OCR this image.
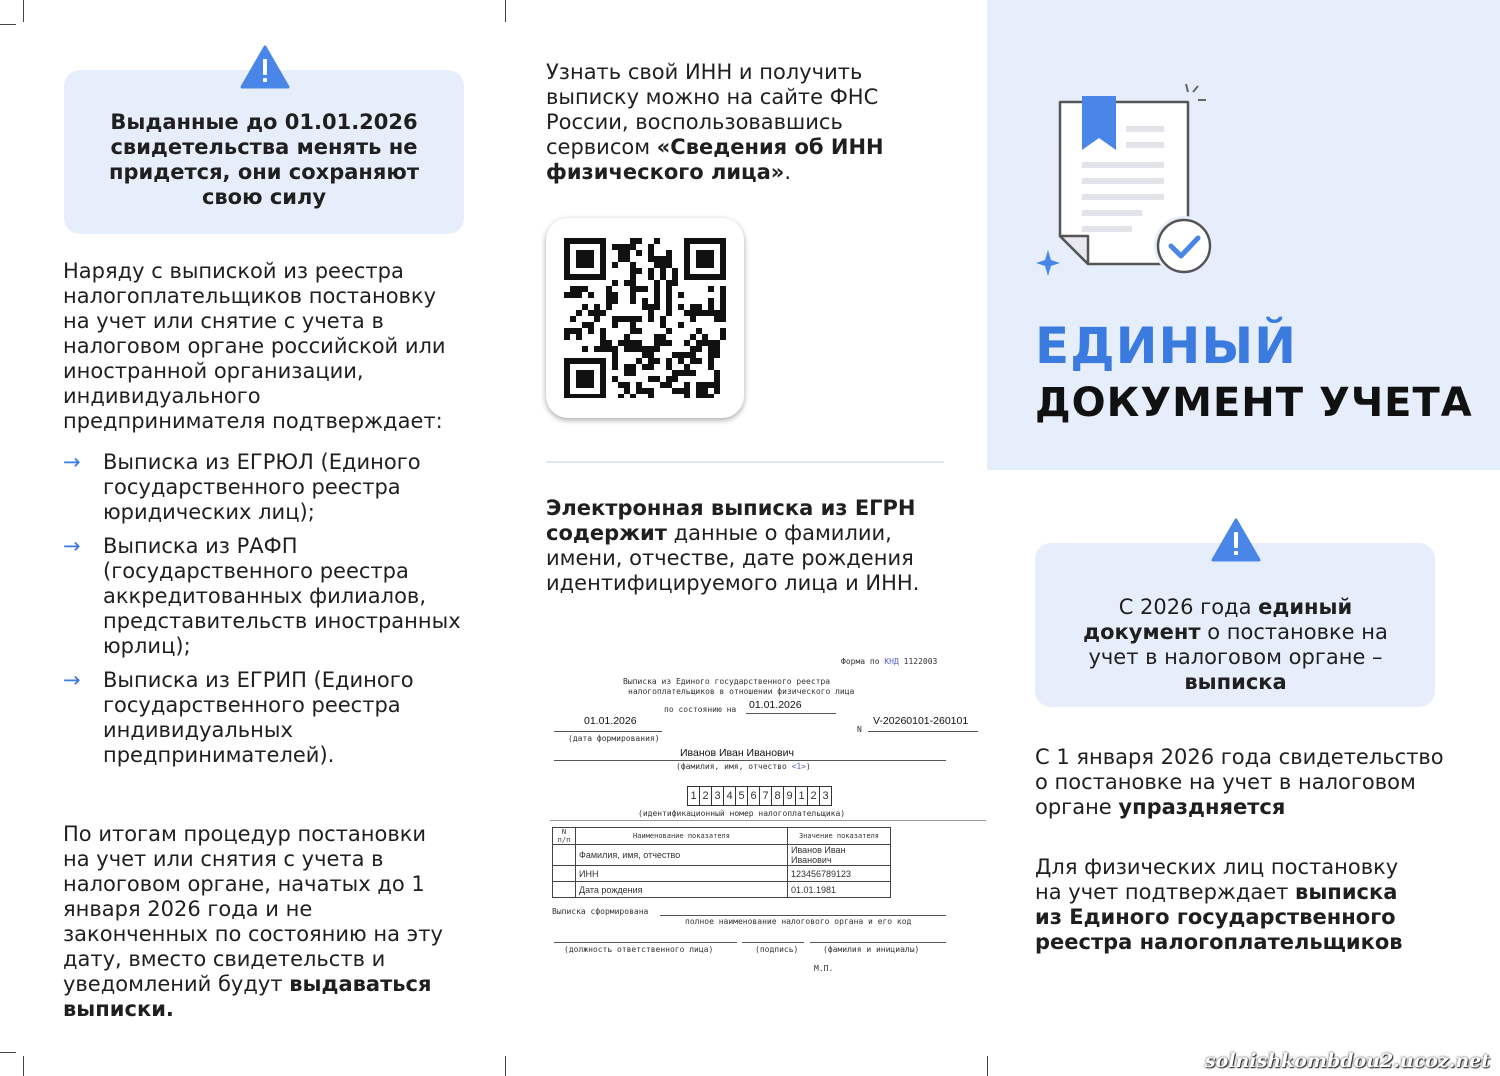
Выданные до 01.01.2026 свидетельства менять не придется, они сохраняют свою силу
Наряду с выпиской из реестра налогоплательщиков постановку на учет или снятие с учета в налоговом органе российской или иностранной организации, индивидуального предпринимателя подтверждает:
→ Выписка из ЕГРЮЛ (Единого государственного реестра юридических лиц);
→ Выписка из РАФП (государственного реестра аккредитованных филиалов, представительств иностранных юрлиц);
→ Выписка из ЕГРИП (Единого государственного реестра индивидуальных предпринимателей).
По итогам процедур постановки на учет или снятия с учета в налоговом органе, начатых до 1 января 2026 года и не законченных по состоянию на эту дату, вместо свидетельств и уведомлений будут выдаваться выписки.
Узнать свой ИНН и получить выписку можно на сайте ФНС России, воспользовавшись сервисом «Сведения об ИНН физического лица».
Электронная выписка из ЕГРН содержит данные о фамилии, имени, отчестве, дате рождения идентифицируемого лица и ИНН.
Форма по КНД 1122003
Выписка из Единого государственного реестра
налогоплательщиков в отношении физического лица
по состоянию на 01.01.2026
01.01.2026
(дата формирования)
N
V-20260101-260101
Иванов Иван Иванович
(фамилия, имя, отчество <1>)
1 2 3 4 5 6 7 8 9 1 2 3
(идентификационный номер налогоплательщика)
N п/п	Наименование показателя	Значение показателя
	Фамилия, имя, отчество	Иванов Иван Иванович
	ИНН	123456789123
	Дата рождения	01.01.1981
Выписка сформирована
полное наименование налогового органа и его код
(должность ответственного лица)	(подпись)	(фамилия и инициалы)
М.П.
ЕДИНЫЙ
ДОКУМЕНТ УЧЕТА
С 2026 года единый документ о постановке на учет в налоговом органе – выписка
С 1 января 2026 года свидетельство о постановке на учет в налоговом органе упраздняется
Для физических лиц постановку на учет подтверждает выписка из Единого государственного реестра налогоплательщиков
solnishkombdou2.ucoz.net
